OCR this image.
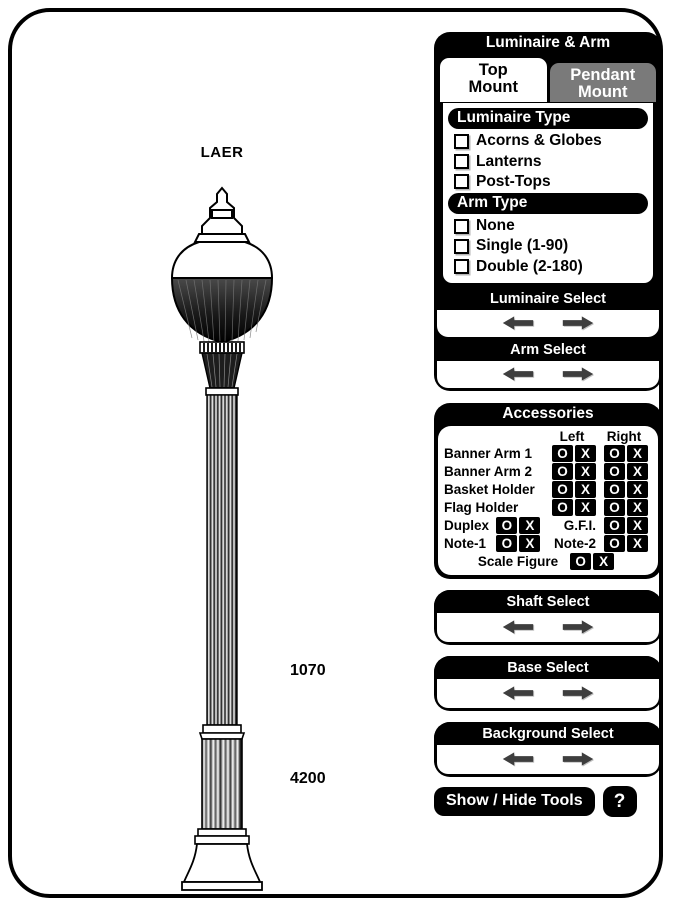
LAER
1070
4200
Luminaire & Arm
Top
Mount
Pendant
Mount
Luminaire Type
Acorns & Globes
Lanterns
Post-Tops
Arm Type
None
Single (1-90)
Double (2-180)
Luminaire Select
Arm Select
Accessories
Left	Right
Banner Arm 1	O X	O X
Banner Arm 2	O X	O X
Basket Holder	O X	O X
Flag Holder	O X	O X
Duplex O X	G.F.I. O X
Note-1	O X	Note-2 O X
Scale Figure	O X
Shaft Select
Base Select
Background Select
Show / Hide Tools	?
